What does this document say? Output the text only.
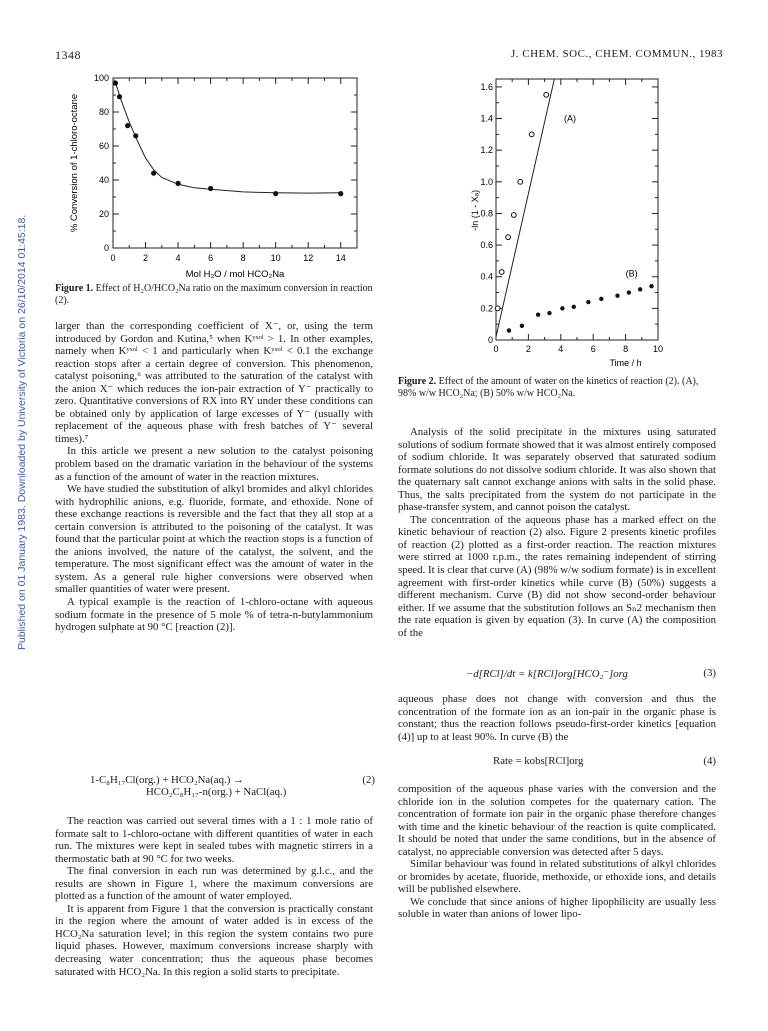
1348	J. CHEM. SOC., CHEM. COMMUN., 1983
Published on 01 January 1983. Downloaded by University of Victoria on 26/10/2014 01:45:18.	0	2	4	6	8	10	12	14
0
20
40
60
80
100
Mol H₂O / mol HCO₂Na
% Conversion of 1-chloro-octane
Figure 1. Effect of H₂O/HCO₂Na ratio on the maximum conversion in reaction (2).
0	2	4	6	8	10
0
0.2
0.4
0.6
0.8
1.0
1.2
1.4
1.6
(A)
(B)
Time / h
-ln (1 - Xₐ)
Figure 2. Effect of the amount of water on the kinetics of reaction (2). (A), 98% w/w HCO₂Na; (B) 50% w/w HCO₂Na.

larger than the corresponding coefficient of X⁻, or, using the term introduced by Gordon and Kutina,⁵ when Kʸˣᵒˡ > 1. In other examples, namely when Kʸˣᵒˡ < 1 and particularly when Kʸˣᵒˡ < 0.1 the exchange reaction stops after a certain degree of conversion. This phenomenon, catalyst poisoning,⁶ was attributed to the saturation of the catalyst with the anion X⁻ which reduces the ion-pair extraction of Y⁻ practically to zero. Quantitative conversions of RX into RY under these conditions can be obtained only by application of large excesses of Y⁻ (usually with replacement of the aqueous phase with fresh batches of Y⁻ several times).⁷

In this article we present a new solution to the catalyst poisoning problem based on the dramatic variation in the behaviour of the systems as a function of the amount of water in the reaction mixtures.

We have studied the substitution of alkyl bromides and alkyl chlorides with hydrophilic anions, e.g. fluoride, formate, and ethoxide. None of these exchange reactions is reversible and the fact that they all stop at a certain conversion is attributed to the poisoning of the catalyst. It was found that the particular point at which the reaction stops is a function of the anions involved, the nature of the catalyst, the solvent, and the temperature. The most significant effect was the amount of water in the system. As a general rule higher conversions were observed when smaller quantities of water were present.

A typical example is the reaction of 1-chloro-octane with aqueous sodium formate in the presence of 5 mole % of tetra-n-butylammonium hydrogen sulphate at 90 °C [reaction (2)].

1-C₈H₁₇Cl(org.) + HCO₂Na(aq.) →
HCO₂C₈H₁₇-n(org.) + NaCl(aq.)
(2)

The reaction was carried out several times with a 1 : 1 mole ratio of formate salt to 1-chloro-octane with different quantities of water in each run. The mixtures were kept in sealed tubes with magnetic stirrers in a thermostatic bath at 90 °C for two weeks.

The final conversion in each run was determined by g.l.c., and the results are shown in Figure 1, where the maximum conversions are plotted as a function of the amount of water employed.

It is apparent from Figure 1 that the conversion is practically constant in the region where the amount of water added is in excess of the HCO₂Na saturation level; in this region the system contains two pure liquid phases. However, maximum conversions increase sharply with decreasing water concentration; thus the aqueous phase becomes saturated with HCO₂Na. In this region a solid starts to precipitate.

Analysis of the solid precipitate in the mixtures using saturated solutions of sodium formate showed that it was almost entirely composed of sodium chloride. It was separately observed that saturated sodium formate solutions do not dissolve sodium chloride. It was also shown that the quaternary salt cannot exchange anions with salts in the solid phase. Thus, the salts precipitated from the system do not participate in the phase-transfer system, and cannot poison the catalyst.

The concentration of the aqueous phase has a marked effect on the kinetic behaviour of reaction (2) also. Figure 2 presents kinetic profiles of reaction (2) plotted as a first-order reaction. The reaction mixtures were stirred at 1000 r.p.m., the rates remaining independent of stirring speed. It is clear that curve (A) (98% w/w sodium formate) is in excellent agreement with first-order kinetics while curve (B) (50%) suggests a different mechanism. Curve (B) did not show second-order behaviour either. If we assume that the substitution follows an Sₙ2 mechanism then the rate equation is given by equation (3). In curve (A) the composition of the

−d[RCl]/dt = k[RCl]org[HCO₂⁻]org	(3)

aqueous phase does not change with conversion and thus the concentration of the formate ion as an ion-pair in the organic phase is constant; thus the reaction follows pseudo-first-order kinetics [equation (4)] up to at least 90%. In curve (B) the

Rate = kobs[RCl]org	(4)

composition of the aqueous phase varies with the conversion and the chloride ion in the solution competes for the quaternary cation. The concentration of formate ion pair in the organic phase therefore changes with time and the kinetic behaviour of the reaction is quite complicated. It should be noted that under the same conditions, but in the absence of catalyst, no appreciable conversion was detected after 5 days.

Similar behaviour was found in related substitutions of alkyl chlorides or bromides by acetate, fluoride, methoxide, or ethoxide ions, and details will be published elsewhere.

We conclude that since anions of higher lipophilicity are usually less soluble in water than anions of lower lipo-
